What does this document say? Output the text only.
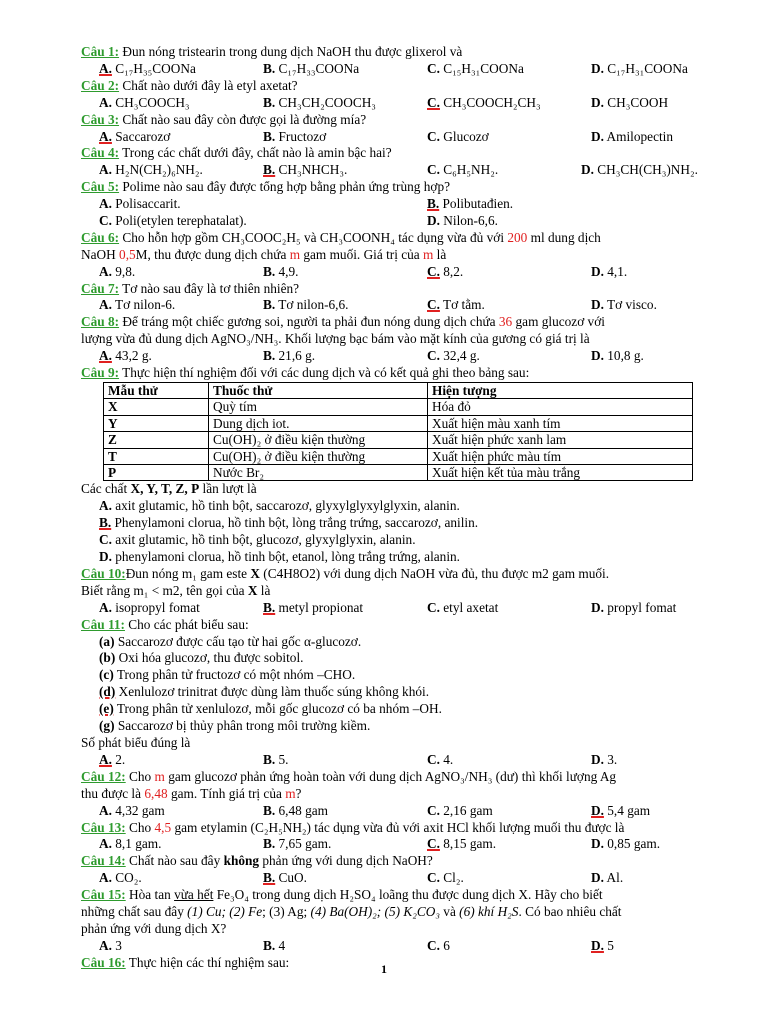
Câu 1: Đun nóng tristearin trong dung dịch NaOH thu được glixerol và

A. C₁₇H₃₅COONa	B. C₁₇H₃₃COONa	C. C₁₅H₃₁COONa	D. C₁₇H₃₁COONa

Câu 2: Chất nào dưới đây là etyl axetat?

A. CH₃COOCH₃	B. CH₃CH₂COOCH₃	C. CH₃COOCH₂CH₃	D. CH₃COOH

Câu 3: Chất nào sau đây còn được gọi là đường mía?

A. Saccarozơ	B. Fructozơ	C. Glucozơ	D. Amilopectin

Câu 4: Trong các chất dưới đây, chất nào là amin bậc hai?

A. H₂N(CH₂)₆NH₂.	B. CH₃NHCH₃.	C. C₆H₅NH₂.	D. CH₃CH(CH₃)NH₂.

Câu 5: Polime nào sau đây được tổng hợp bằng phản ứng trùng hợp?

A. Polisaccarit.	B. Polibutađien.
C. Poli(etylen terephatalat).	D. Nilon-6,6.

Câu 6: Cho hỗn hợp gồm CH₃COOC₂H₅ và CH₃COONH₄ tác dụng vừa đủ với 200 ml dung dịch

NaOH 0,5M, thu được dung dịch chứa m gam muối. Giá trị của m là

A. 9,8.	B. 4,9.	C. 8,2.	D. 4,1.

Câu 7: Tơ nào sau đây là tơ thiên nhiên?

A. Tơ nilon-6.	B. Tơ nilon-6,6.	C. Tơ tằm.	D. Tơ visco.

Câu 8: Để tráng một chiếc gương soi, người ta phải đun nóng dung dịch chứa 36 gam glucozơ với

lượng vừa đủ dung dịch AgNO₃/NH₃. Khối lượng bạc bám vào mặt kính của gương có giá trị là

A. 43,2 g.	B. 21,6 g.	C. 32,4 g.	D. 10,8 g.

Câu 9: Thực hiện thí nghiệm đối với các dung dịch và có kết quả ghi theo bảng sau:

Mẫu thử	Thuốc thử	Hiện tượng
X	Quỳ tím	Hóa đỏ
Y	Dung dịch iot.	Xuất hiện màu xanh tím
Z	Cu(OH)₂ ở điều kiện thường	Xuất hiện phức xanh lam
T	Cu(OH)₂ ở điều kiện thường	Xuất hiện phức màu tím
P	Nước Br₂	Xuất hiện kết tủa màu trắng

Các chất X, Y, T, Z, P lần lượt là

A. axit glutamic, hồ tinh bột, saccarozơ, glyxylglyxylglyxin, alanin.

B. Phenylamoni clorua, hồ tinh bột, lòng trắng trứng, saccarozơ, anilin.

C. axit glutamic, hồ tinh bột, glucozơ, glyxylglyxin, alanin.

D. phenylamoni clorua, hồ tinh bột, etanol, lòng trắng trứng, alanin.

Câu 10:Đun nóng m₁ gam este X (C4H8O2) với dung dịch NaOH vừa đủ, thu được m2 gam muối.

Biết rằng m₁ < m2, tên gọi của X là

A. isopropyl fomat	B. metyl propionat	C. etyl axetat	D. propyl fomat

Câu 11: Cho các phát biểu sau:

(a) Saccarozơ được cấu tạo từ hai gốc α-glucozơ.

(b) Oxi hóa glucozơ, thu được sobitol.

(c) Trong phân tử fructozơ có một nhóm –CHO.

(d) Xenlulozơ trinitrat được dùng làm thuốc súng không khói.

(e) Trong phân tử xenlulozơ, mỗi gốc glucozơ có ba nhóm –OH.

(g) Saccarozơ bị thủy phân trong môi trường kiềm.

Số phát biểu đúng là

A. 2.	B. 5.	C. 4.	D. 3.

Câu 12: Cho m gam glucozơ phản ứng hoàn toàn với dung dịch AgNO₃/NH₃ (dư) thì khối lượng Ag

thu được là 6,48 gam. Tính giá trị của m?

A. 4,32 gam	B. 6,48 gam	C. 2,16 gam	D. 5,4 gam

Câu 13: Cho 4,5 gam etylamin (C₂H₅NH₂) tác dụng vừa đủ với axit HCl khối lượng muối thu được là

A. 8,1 gam.	B. 7,65 gam.	C. 8,15 gam.	D. 0,85 gam.

Câu 14: Chất nào sau đây không phản ứng với dung dịch NaOH?

A. CO₂.	B. CuO.	C. Cl₂.	D. Al.

Câu 15: Hòa tan vừa hết Fe₃O₄ trong dung dịch H₂SO₄ loãng thu được dung dịch X. Hãy cho biết

những chất sau đây (1) Cu; (2) Fe; (3) Ag; (4) Ba(OH)₂; (5) K₂CO₃ và (6) khí H₂S. Có bao nhiêu chất

phản ứng với dung dịch X?

A. 3	B. 4	C. 6	D. 5

Câu 16: Thực hiện các thí nghiệm sau:	1
